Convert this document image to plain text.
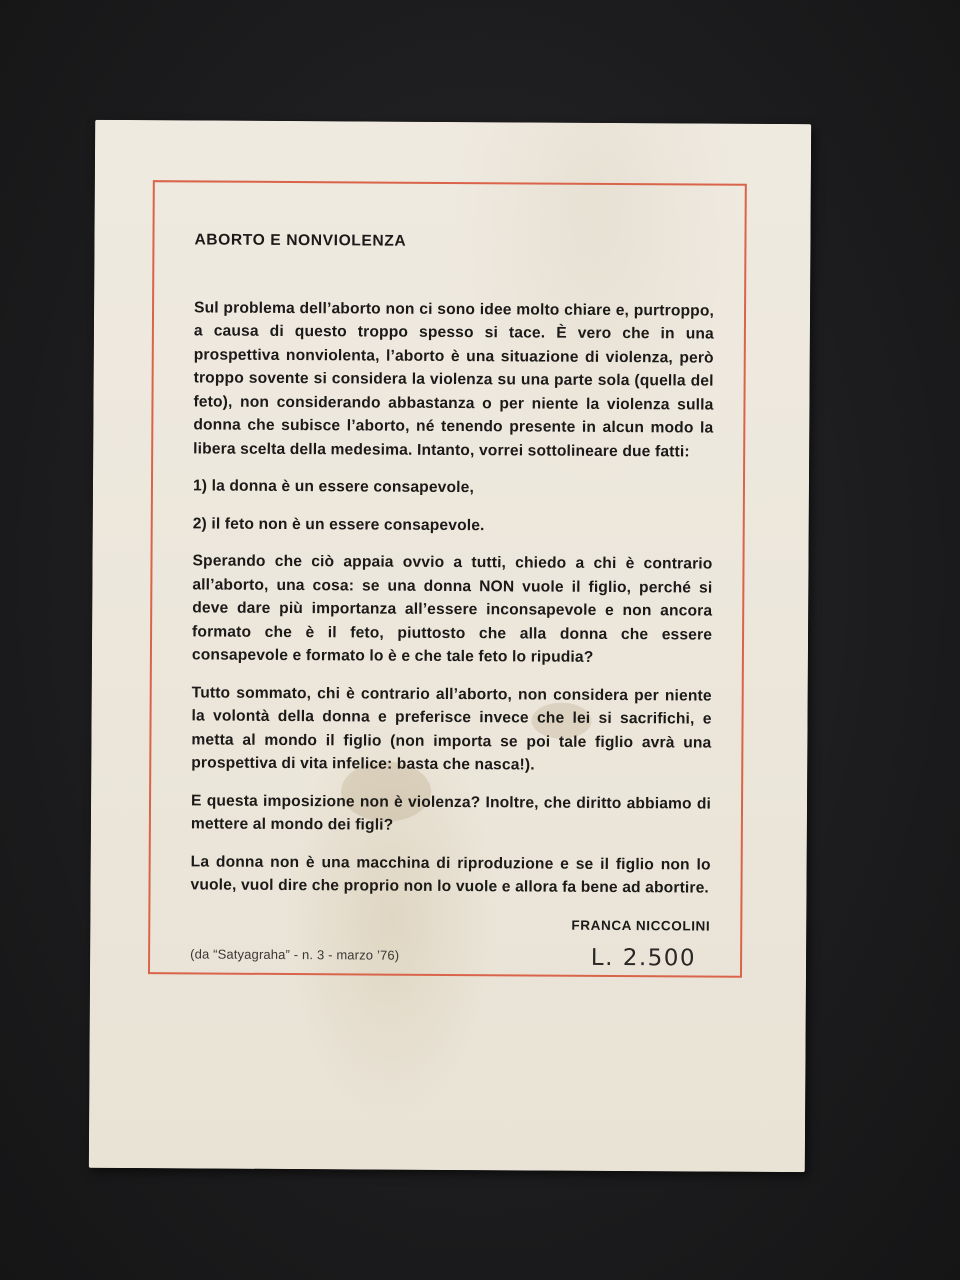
ABORTO E NONVIOLENZA
Sul problema dell’aborto non ci sono idee molto chiare e, purtroppo, a causa di questo troppo spesso si tace. È vero che in una prospettiva nonviolenta, l’aborto è una situazione di violenza, però troppo sovente si considera la violenza su una parte sola (quella del feto), non considerando abbastanza o per niente la violenza sulla donna che subisce l’aborto, né tenendo presente in alcun modo la libera scelta della medesima. Intanto, vorrei sottolineare due fatti:
1) la donna è un essere consapevole,
2) il feto non è un essere consapevole.
Sperando che ciò appaia ovvio a tutti, chiedo a chi è contrario all’aborto, una cosa: se una donna NON vuole il figlio, perché si deve dare più importanza all’essere inconsapevole e non ancora formato che è il feto, piuttosto che alla donna che essere consapevole e formato lo è e che tale feto lo ripudia?
Tutto sommato, chi è contrario all’aborto, non considera per niente la volontà della donna e preferisce invece che lei si sacrifichi, e metta al mondo il figlio (non importa se poi tale figlio avrà una prospettiva di vita infelice: basta che nasca!).
E questa imposizione non è violenza? Inoltre, che diritto abbiamo di mettere al mondo dei figli?
La donna non è una macchina di riproduzione e se il figlio non lo vuole, vuol dire che proprio non lo vuole e allora fa bene ad abortire.
FRANCA NICCOLINI
(da “Satyagraha” - n. 3 - marzo ’76)	L. 2.500
